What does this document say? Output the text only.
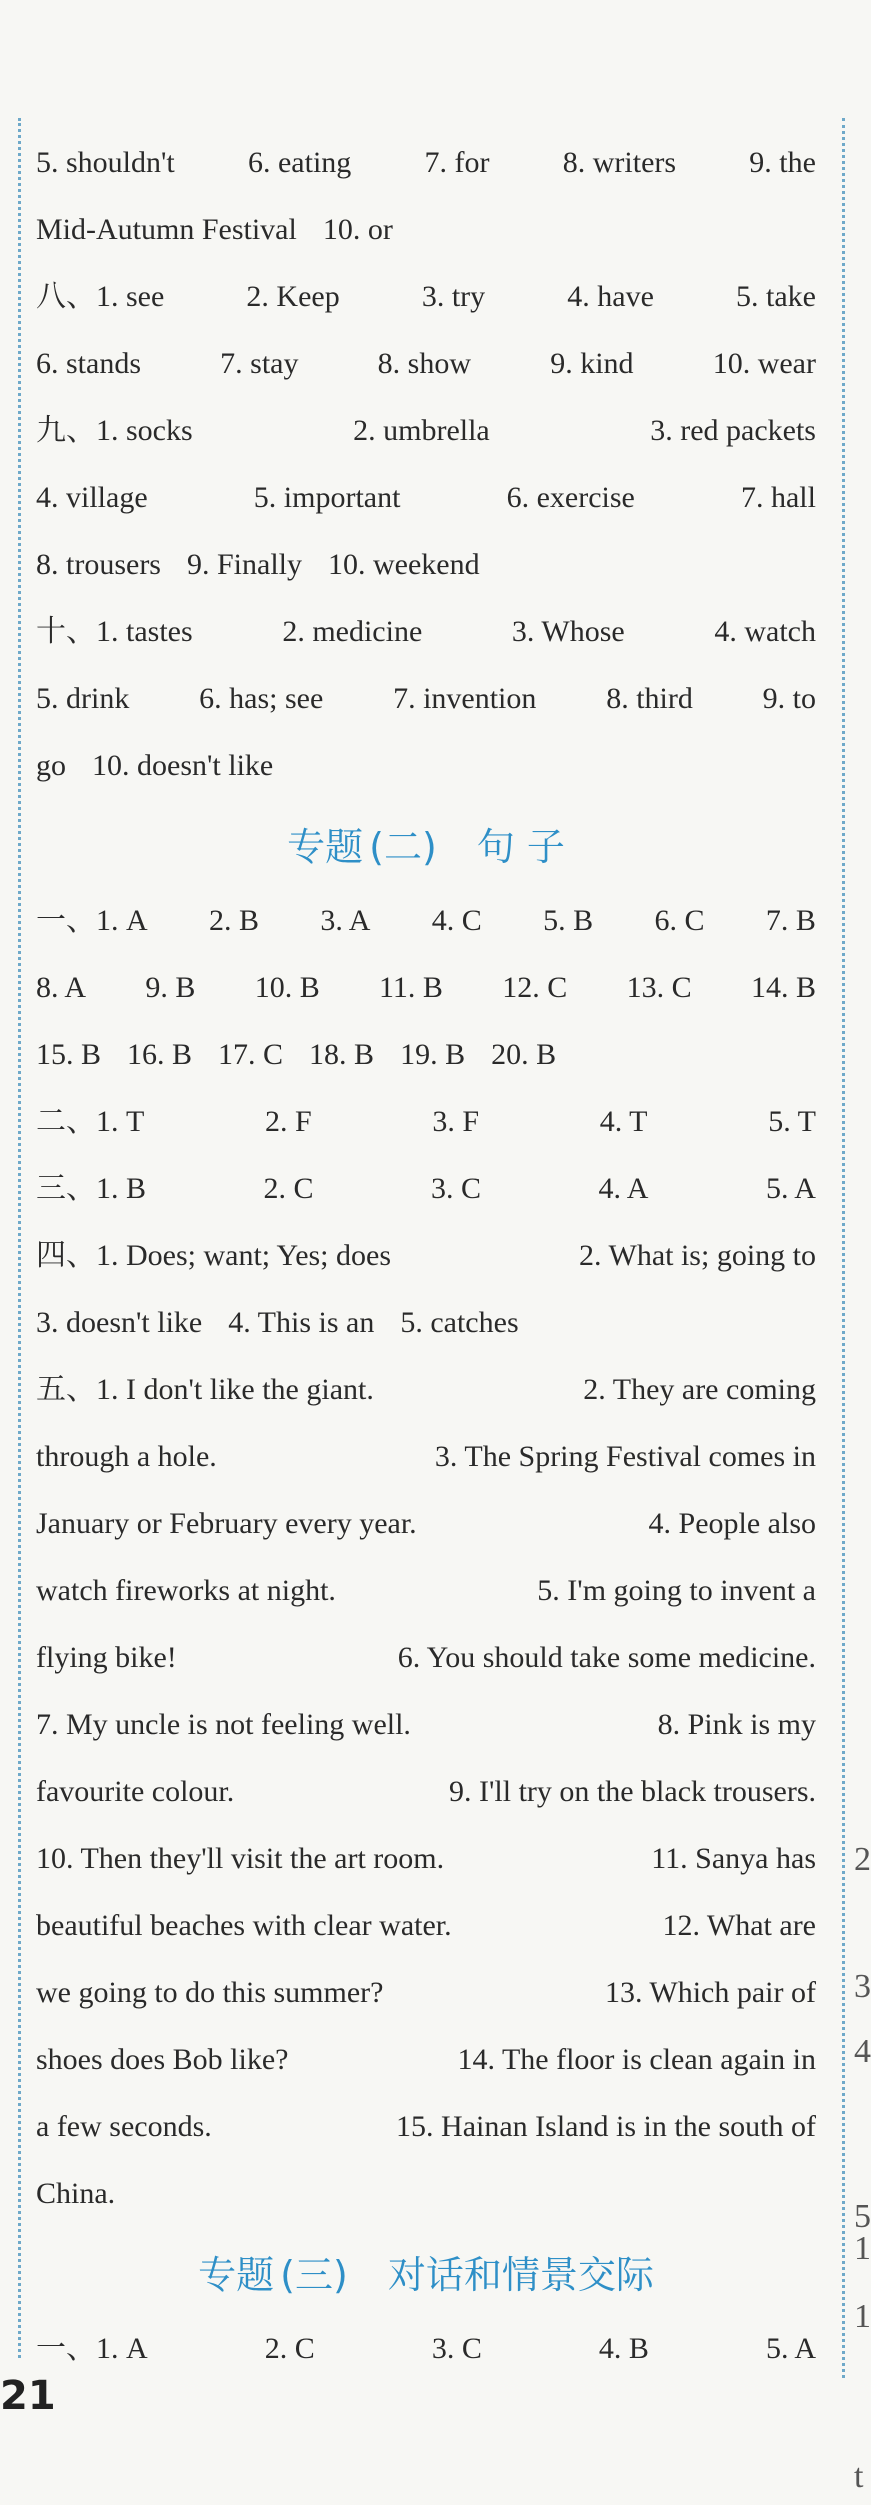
2
3
4
5
1
1
t
5. shouldn't 6. eating 7. for 8. writers 9. the
Mid-Autumn Festival 10. or
八、1. see	2. Keep	3. try	4. have	5. take
6. stands	7. stay	8. show	9. kind	10. wear
九、1. socks	2. umbrella	3. red packets
4. village	5. important	6. exercise	7. hall
8. trousers 9. Finally 10. weekend
十、1. tastes	2. medicine	3. Whose	4. watch
5. drink 6. has; see 7. invention 8. third 9. to
go 10. doesn't like
专题 (二) 句 子
一、1. A 2. B 3. A 4. C 5. B 6. C 7. B
8. A 9. B 10. B 11. B 12. C 13. C 14. B
15. B 16. B 17. C 18. B 19. B 20. B
二、1. T	2. F	3. F	4. T	5. T
三、1. B	2. C	3. C	4. A	5. A
四、1. Does; want; Yes; does	2. What is; going to
3. doesn't like 4. This is an 5. catches
五、1. I don't like the giant.	2. They are coming
through a hole.	3. The Spring Festival comes in
January or February every year.	4. People also
watch fireworks at night.	5. I'm going to invent a
flying bike!	6. You should take some medicine.
7. My uncle is not feeling well.	8. Pink is my
favourite colour.	9. I'll try on the black trousers.
10. Then they'll visit the art room.	11. Sanya has
beautiful beaches with clear water.	12. What are
we going to do this summer?	13. Which pair of
shoes does Bob like?	14. The floor is clean again in
a few seconds.	15. Hainan Island is in the south of
China.
专题 (三) 对话和情景交际
一、1. A	2. C	3. C	4. B	5. A
21
